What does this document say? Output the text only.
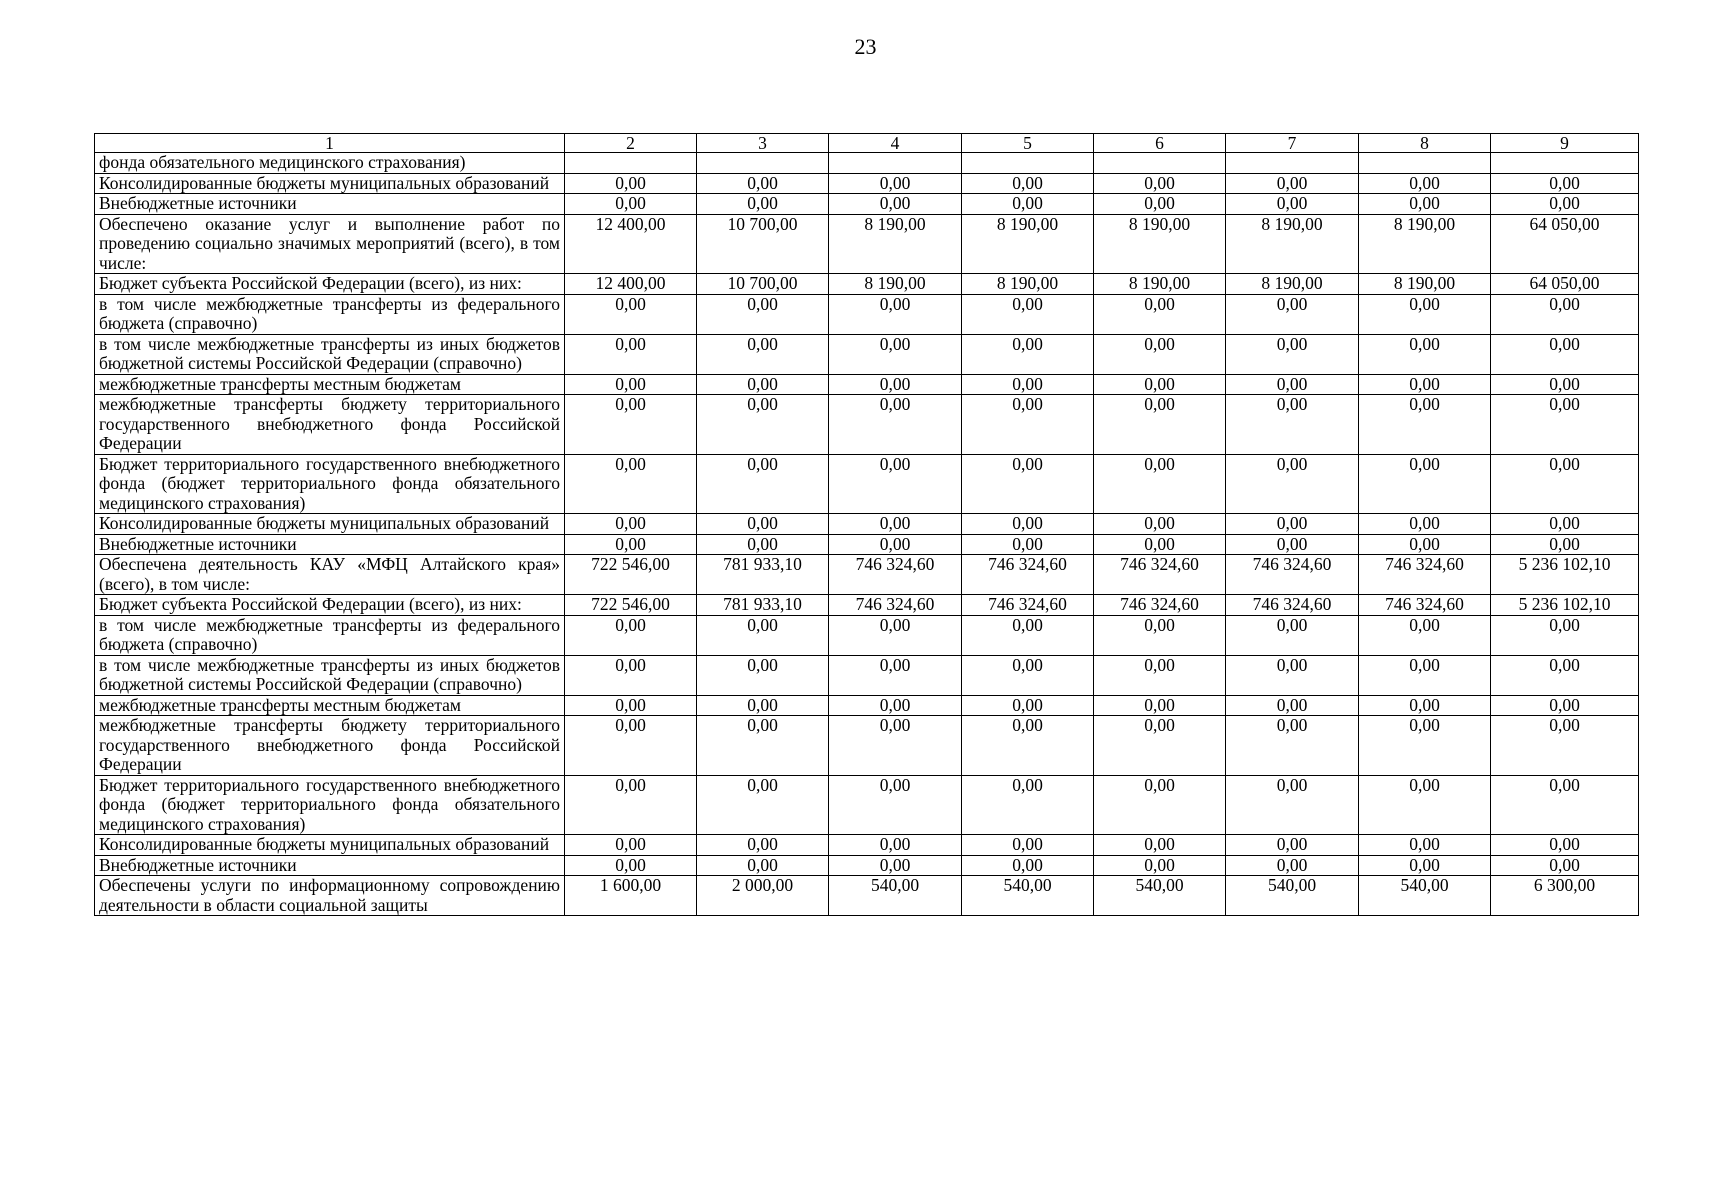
23
1	2	3	4	5	6	7	8	9
фонда обязательного медицинского страхования)								
Консолидированные бюджеты муниципальных образований	0,00	0,00	0,00	0,00	0,00	0,00	0,00	0,00
Внебюджетные источники	0,00	0,00	0,00	0,00	0,00	0,00	0,00	0,00
Обеспечено оказание услуг и выполнение работ по проведению социально значимых мероприятий (всего), в том числе:	12 400,00	10 700,00	8 190,00	8 190,00	8 190,00	8 190,00	8 190,00	64 050,00
Бюджет субъекта Российской Федерации (всего), из них:	12 400,00	10 700,00	8 190,00	8 190,00	8 190,00	8 190,00	8 190,00	64 050,00
в том числе межбюджетные трансферты из федерального бюджета (справочно)	0,00	0,00	0,00	0,00	0,00	0,00	0,00	0,00
в том числе межбюджетные трансферты из иных бюджетов бюджетной системы Российской Федерации (справочно)	0,00	0,00	0,00	0,00	0,00	0,00	0,00	0,00
межбюджетные трансферты местным бюджетам	0,00	0,00	0,00	0,00	0,00	0,00	0,00	0,00
межбюджетные трансферты бюджету территориального государственного внебюджетного фонда Российской Федерации	0,00	0,00	0,00	0,00	0,00	0,00	0,00	0,00
Бюджет территориального государственного внебюджетного фонда (бюджет территориального фонда обязательного медицинского страхования)	0,00	0,00	0,00	0,00	0,00	0,00	0,00	0,00
Консолидированные бюджеты муниципальных образований	0,00	0,00	0,00	0,00	0,00	0,00	0,00	0,00
Внебюджетные источники	0,00	0,00	0,00	0,00	0,00	0,00	0,00	0,00
Обеспечена деятельность КАУ «МФЦ Алтайского края» (всего), в том числе:	722 546,00	781 933,10	746 324,60	746 324,60	746 324,60	746 324,60	746 324,60	5 236 102,10
Бюджет субъекта Российской Федерации (всего), из них:	722 546,00	781 933,10	746 324,60	746 324,60	746 324,60	746 324,60	746 324,60	5 236 102,10
в том числе межбюджетные трансферты из федерального бюджета (справочно)	0,00	0,00	0,00	0,00	0,00	0,00	0,00	0,00
в том числе межбюджетные трансферты из иных бюджетов бюджетной системы Российской Федерации (справочно)	0,00	0,00	0,00	0,00	0,00	0,00	0,00	0,00
межбюджетные трансферты местным бюджетам	0,00	0,00	0,00	0,00	0,00	0,00	0,00	0,00
межбюджетные трансферты бюджету территориального государственного внебюджетного фонда Российской Федерации	0,00	0,00	0,00	0,00	0,00	0,00	0,00	0,00
Бюджет территориального государственного внебюджетного фонда (бюджет территориального фонда обязательного медицинского страхования)	0,00	0,00	0,00	0,00	0,00	0,00	0,00	0,00
Консолидированные бюджеты муниципальных образований	0,00	0,00	0,00	0,00	0,00	0,00	0,00	0,00
Внебюджетные источники	0,00	0,00	0,00	0,00	0,00	0,00	0,00	0,00
Обеспечены услуги по информационному сопровождению деятельности в области социальной защиты	1 600,00	2 000,00	540,00	540,00	540,00	540,00	540,00	6 300,00
